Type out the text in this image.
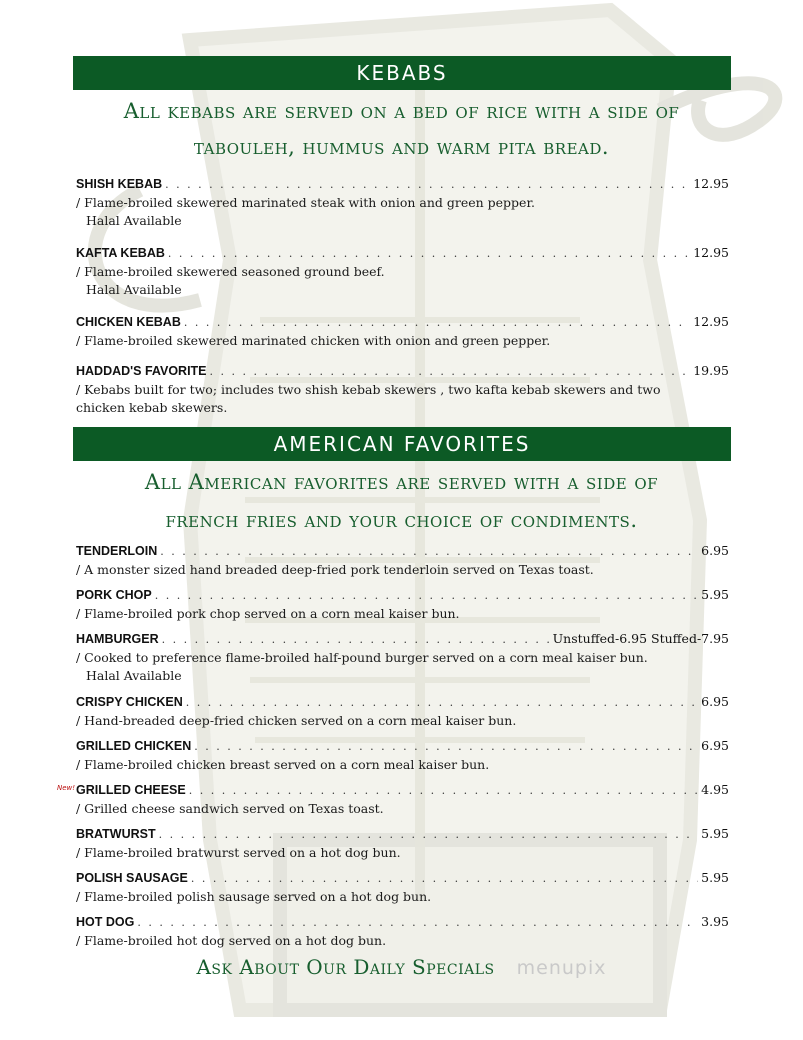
KEBABS
All kebabs are served on a bed of rice with a side of
tabouleh, hummus and warm pita bread.
SHISH KEBAB . . .	12.95
/ Flame-broiled skewered marinated steak with onion and green pepper.
Halal Available
KAFTA KEBAB . . .	12.95
/ Flame-broiled skewered seasoned ground beef.
Halal Available
CHICKEN KEBAB . . .	12.95
/ Flame-broiled skewered marinated chicken with onion and green pepper.
HADDAD'S FAVORITE . . .	19.95
/ Kebabs built for two; includes two shish kebab skewers , two kafta kebab skewers and two chicken kebab skewers.
AMERICAN FAVORITES
All American favorites are served with a side of
french fries and your choice of condiments.
TENDERLOIN . . .	6.95
/ A monster sized hand breaded deep-fried pork tenderloin served on Texas toast.
PORK CHOP . . .	5.95
/ Flame-broiled pork chop served on a corn meal kaiser bun.
HAMBURGER . . .	Unstuffed-6.95 Stuffed-7.95
/ Cooked to preference flame-broiled half-pound burger served on a corn meal kaiser bun.
Halal Available
CRISPY CHICKEN . . .	6.95
/ Hand-breaded deep-fried chicken served on a corn meal kaiser bun.
GRILLED CHICKEN . . .	6.95
/ Flame-broiled chicken breast served on a corn meal kaiser bun.
New! GRILLED CHEESE . . .	4.95
/ Grilled cheese sandwich served on Texas toast.
BRATWURST . . .	5.95
/ Flame-broiled bratwurst served on a hot dog bun.
POLISH SAUSAGE . . .	5.95
/ Flame-broiled polish sausage served on a hot dog bun.
HOT DOG . . .	3.95
/ Flame-broiled hot dog served on a hot dog bun.
Ask About Our Daily Specials menupix
